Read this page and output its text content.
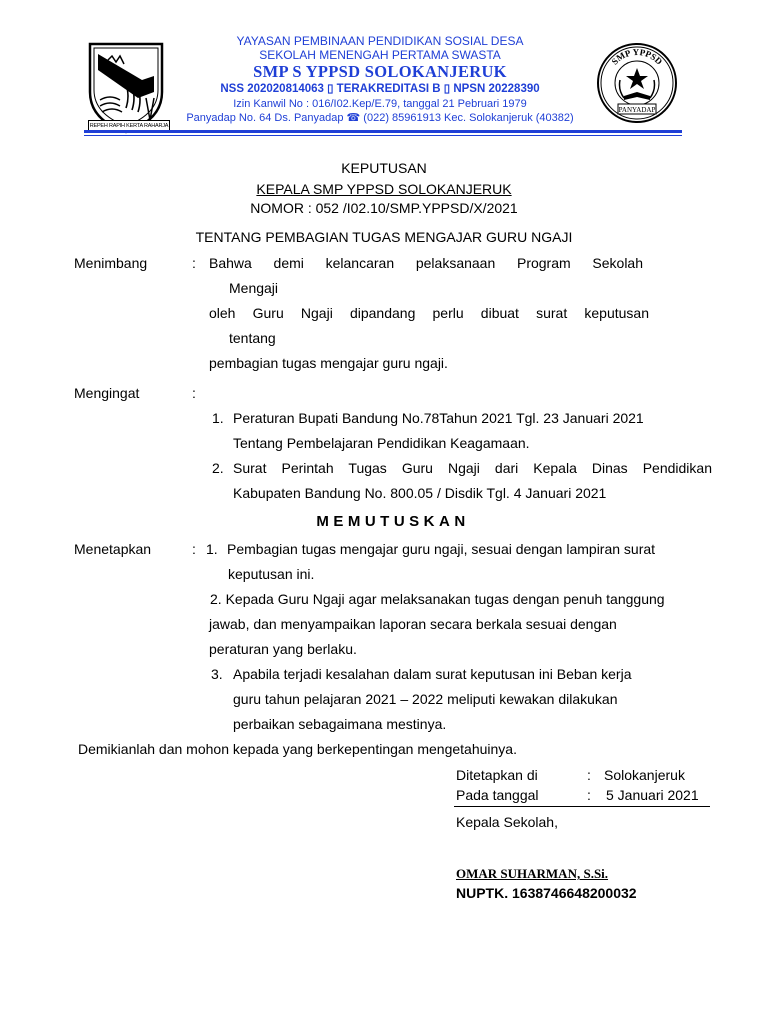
REPEH RAPIH KERTA RAHARJA
YAYASAN PEMBINAAN PENDIDIKAN SOSIAL DESA
SEKOLAH MENENGAH PERTAMA SWASTA
SMP S YPPSD SOLOKANJERUK
NSS 202020814063 ▯ TERAKREDITASI B ▯ NPSN 20228390
Izin Kanwil No : 016/I02.Kep/E.79, tanggal 21 Pebruari 1979
Panyadap No. 64 Ds. Panyadap ☎ (022) 85961913 Kec. Solokanjeruk (40382)
SMP YPPSD
PANYADAP
KEPUTUSAN
KEPALA SMP YPPSD SOLOKANJERUK
NOMOR : 052 /I02.10/SMP.YPPSD/X/2021
TENTANG PEMBAGIAN TUGAS MENGAJAR GURU NGAJI
Menimbang	: Bahwa demi kelancaran pelaksanaan Program Sekolah
Mengaji
oleh Guru Ngaji dipandang perlu dibuat surat keputusan
tentang
pembagian tugas mengajar guru ngaji.
Mengingat	:
1. Peraturan Bupati Bandung No.78Tahun 2021 Tgl. 23 Januari 2021
Tentang Pembelajaran Pendidikan Keagamaan.
2. Surat Perintah Tugas Guru Ngaji dari Kepala Dinas Pendidikan
Kabupaten Bandung No. 800.05 / Disdik Tgl. 4 Januari 2021
MEMUTUSKAN
Menetapkan	: 1. Pembagian tugas mengajar guru ngaji, sesuai dengan lampiran surat
keputusan ini.
2. Kepada Guru Ngaji agar melaksanakan tugas dengan penuh tanggung
jawab, dan menyampaikan laporan secara berkala sesuai dengan
peraturan yang berlaku.
3. Apabila terjadi kesalahan dalam surat keputusan ini Beban kerja
guru tahun pelajaran 2021 – 2022 meliputi kewakan dilakukan
perbaikan sebagaimana mestinya.
Demikianlah dan mohon kepada yang berkepentingan mengetahuinya.
Ditetapkan di	: Solokanjeruk
Pada tanggal	: 5 Januari 2021
Kepala Sekolah,
OMAR SUHARMAN, S.Si.
NUPTK. 1638746648200032
